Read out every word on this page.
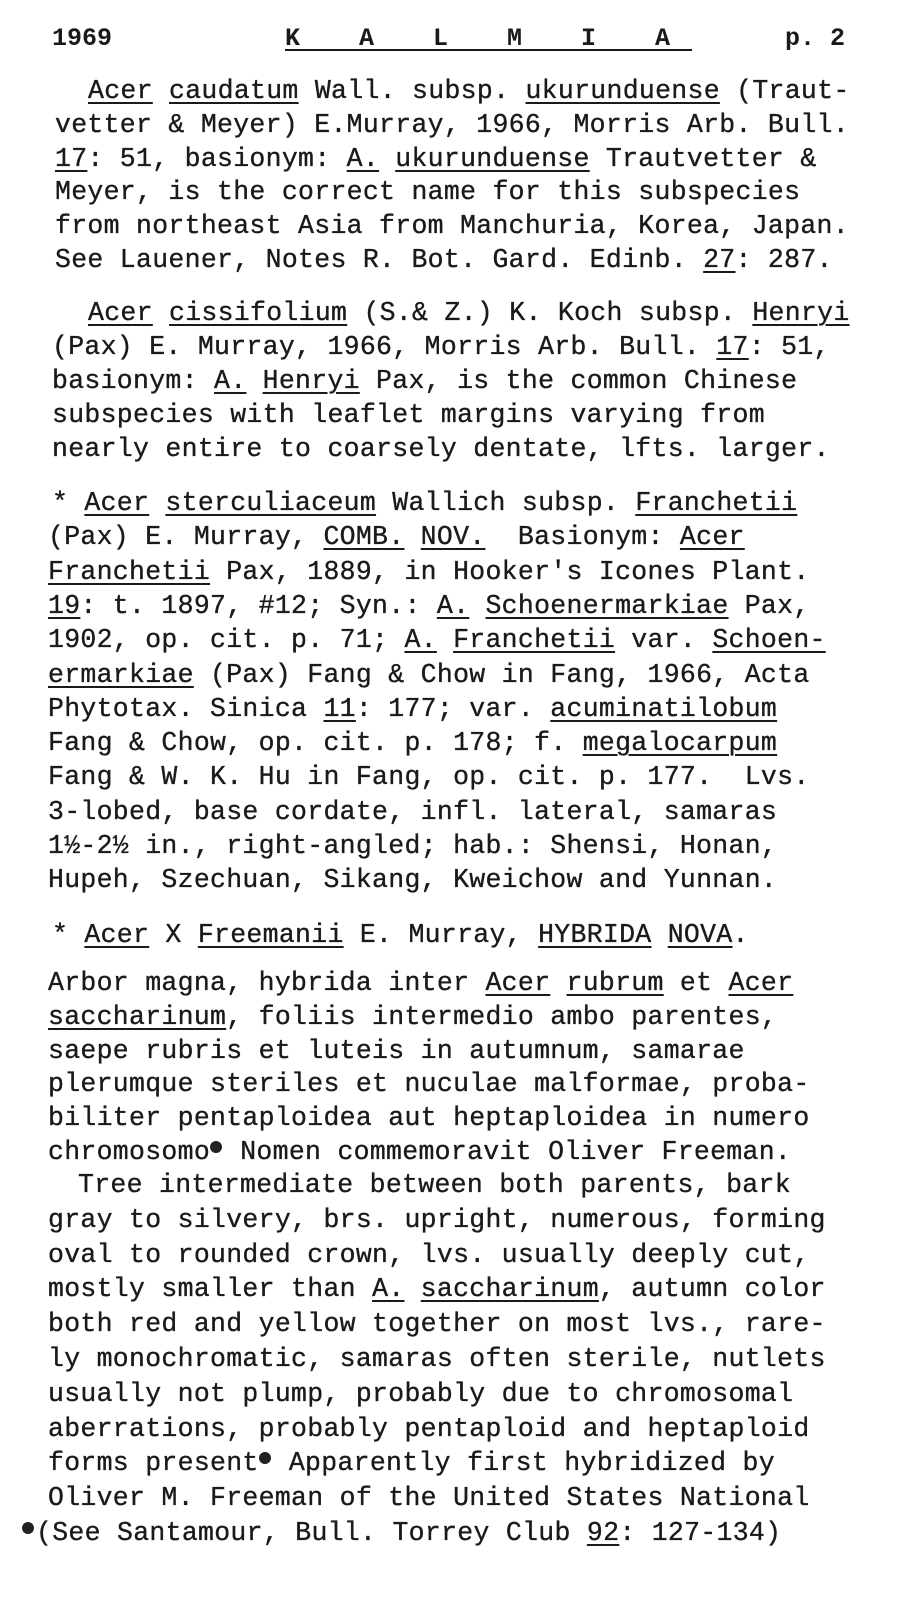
1969	K A L M I A	p. 2
Acer caudatum Wall. subsp. ukurunduense (Traut-
vetter & Meyer) E.Murray, 1966, Morris Arb. Bull.
17: 51, basionym: A. ukurunduense Trautvetter &
Meyer, is the correct name for this subspecies
from northeast Asia from Manchuria, Korea, Japan.
See Lauener, Notes R. Bot. Gard. Edinb. 27: 287.
Acer cissifolium (S.& Z.) K. Koch subsp. Henryi
(Pax) E. Murray, 1966, Morris Arb. Bull. 17: 51,
basionym: A. Henryi Pax, is the common Chinese
subspecies with leaflet margins varying from
nearly entire to coarsely dentate, lfts. larger.
* Acer sterculiaceum Wallich subsp. Franchetii
(Pax) E. Murray, COMB. NOV.  Basionym: Acer
Franchetii Pax, 1889, in Hooker's Icones Plant.
19: t. 1897, #12; Syn.: A. Schoenermarkiae Pax,
1902, op. cit. p. 71; A. Franchetii var. Schoen-
ermarkiae (Pax) Fang & Chow in Fang, 1966, Acta
Phytotax. Sinica 11: 177; var. acuminatilobum
Fang & Chow, op. cit. p. 178; f. megalocarpum
Fang & W. K. Hu in Fang, op. cit. p. 177.  Lvs.
3-lobed, base cordate, infl. lateral, samaras
1½-2½ in., right-angled; hab.: Shensi, Honan,
Hupeh, Szechuan, Sikang, Kweichow and Yunnan.
* Acer X Freemanii E. Murray, HYBRIDA NOVA.
Arbor magna, hybrida inter Acer rubrum et Acer
saccharinum, foliis intermedio ambo parentes,
saepe rubris et luteis in autumnum, samarae
plerumque steriles et nuculae malformae, proba-
biliter pentaploidea aut heptaploidea in numero
chromosomo Nomen commemoravit Oliver Freeman.
Tree intermediate between both parents, bark
gray to silvery, brs. upright, numerous, forming
oval to rounded crown, lvs. usually deeply cut,
mostly smaller than A. saccharinum, autumn color
both red and yellow together on most lvs., rare-
ly monochromatic, samaras often sterile, nutlets
usually not plump, probably due to chromosomal
aberrations, probably pentaploid and heptaploid
forms present Apparently first hybridized by
Oliver M. Freeman of the United States National
(See Santamour, Bull. Torrey Club 92: 127-134)
